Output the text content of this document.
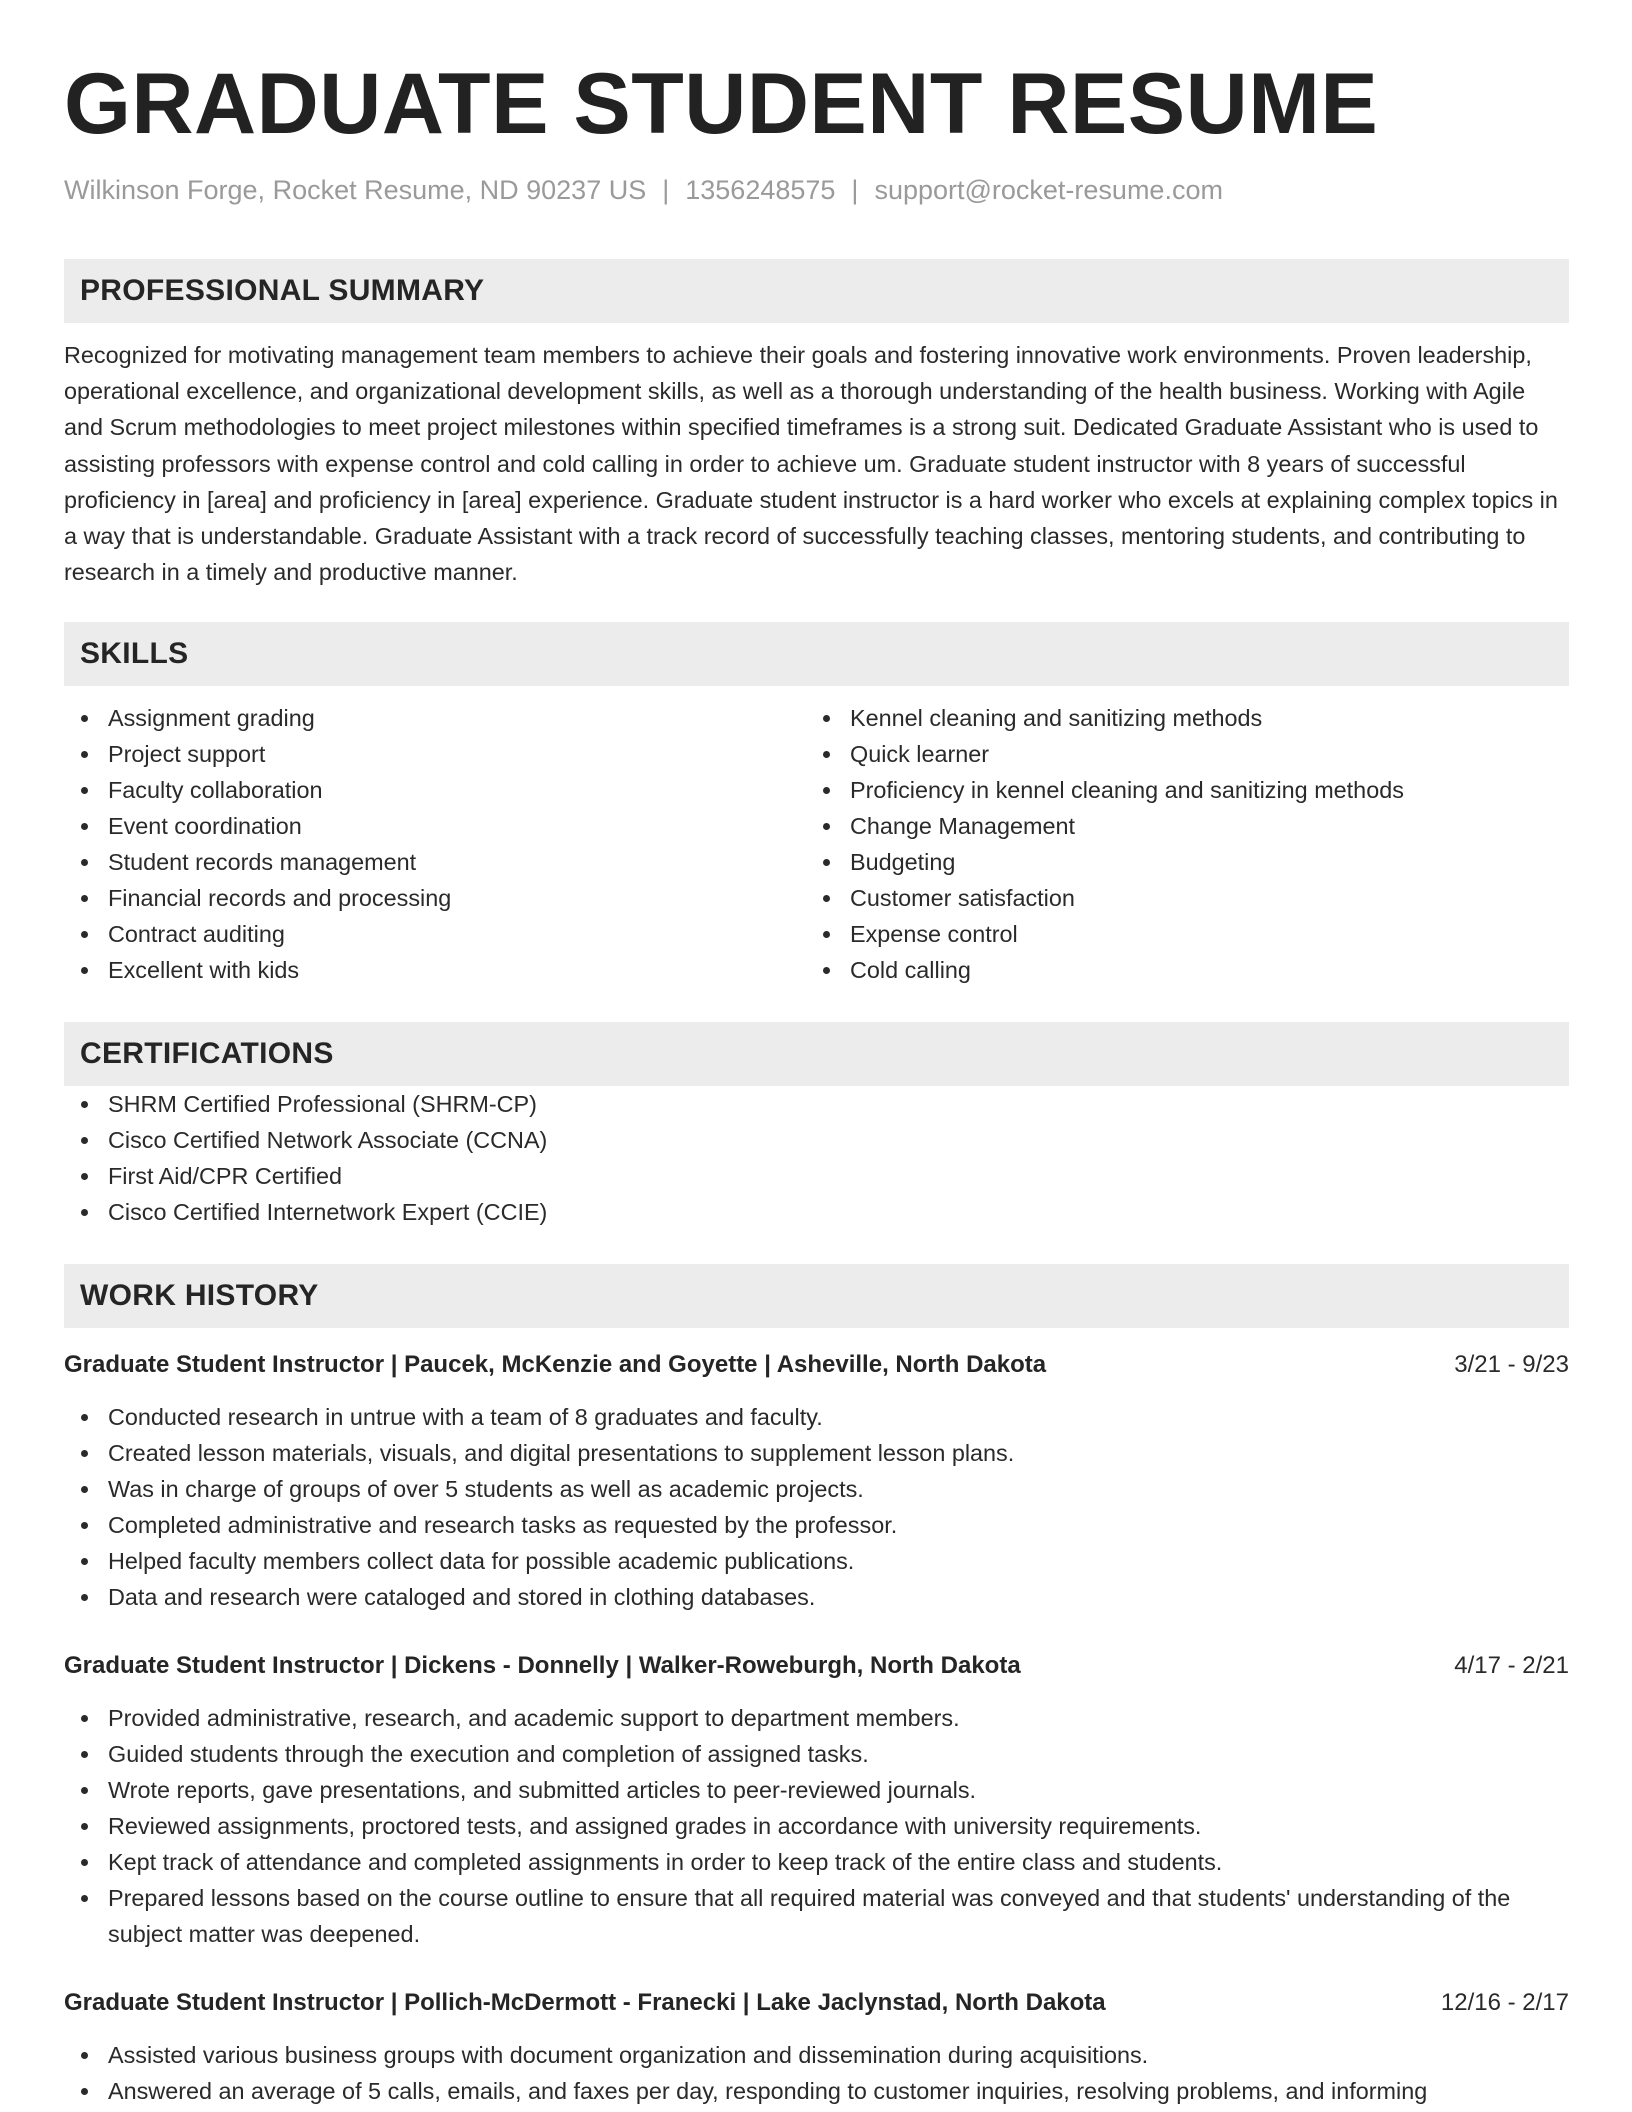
GRADUATE STUDENT RESUME
Wilkinson Forge, Rocket Resume, ND 90237 US | 1356248575 | support@rocket-resume.com
PROFESSIONAL SUMMARY

Recognized for motivating management team members to achieve their goals and fostering innovative work environments. Proven leadership, operational excellence, and organizational development skills, as well as a thorough understanding of the health business. Working with Agile and Scrum methodologies to meet project milestones within specified timeframes is a strong suit. Dedicated Graduate Assistant who is used to assisting professors with expense control and cold calling in order to achieve um. Graduate student instructor with 8 years of successful proficiency in [area] and proficiency in [area] experience. Graduate student instructor is a hard worker who excels at explaining complex topics in a way that is understandable. Graduate Assistant with a track record of successfully teaching classes, mentoring students, and contributing to research in a timely and productive manner.

SKILLS
Assignment grading
Project support
Faculty collaboration
Event coordination
Student records management
Financial records and processing
Contract auditing
Excellent with kids
Kennel cleaning and sanitizing methods
Quick learner
Proficiency in kennel cleaning and sanitizing methods
Change Management
Budgeting
Customer satisfaction
Expense control
Cold calling
CERTIFICATIONS
SHRM Certified Professional (SHRM-CP)
Cisco Certified Network Associate (CCNA)
First Aid/CPR Certified
Cisco Certified Internetwork Expert (CCIE)
WORK HISTORY
Graduate Student Instructor | Paucek, McKenzie and Goyette | Asheville, North Dakota	3/21 - 9/23
Conducted research in untrue with a team of 8 graduates and faculty.
Created lesson materials, visuals, and digital presentations to supplement lesson plans.
Was in charge of groups of over 5 students as well as academic projects.
Completed administrative and research tasks as requested by the professor.
Helped faculty members collect data for possible academic publications.
Data and research were cataloged and stored in clothing databases.
Graduate Student Instructor | Dickens - Donnelly | Walker-Roweburgh, North Dakota	4/17 - 2/21
Provided administrative, research, and academic support to department members.
Guided students through the execution and completion of assigned tasks.
Wrote reports, gave presentations, and submitted articles to peer-reviewed journals.
Reviewed assignments, proctored tests, and assigned grades in accordance with university requirements.
Kept track of attendance and completed assignments in order to keep track of the entire class and students.
Prepared lessons based on the course outline to ensure that all required material was conveyed and that students' understanding of the subject matter was deepened.
Graduate Student Instructor | Pollich-McDermott - Franecki | Lake Jaclynstad, North Dakota	12/16 - 2/17
Assisted various business groups with document organization and dissemination during acquisitions.
Answered an average of 5 calls, emails, and faxes per day, responding to customer inquiries, resolving problems, and informing
